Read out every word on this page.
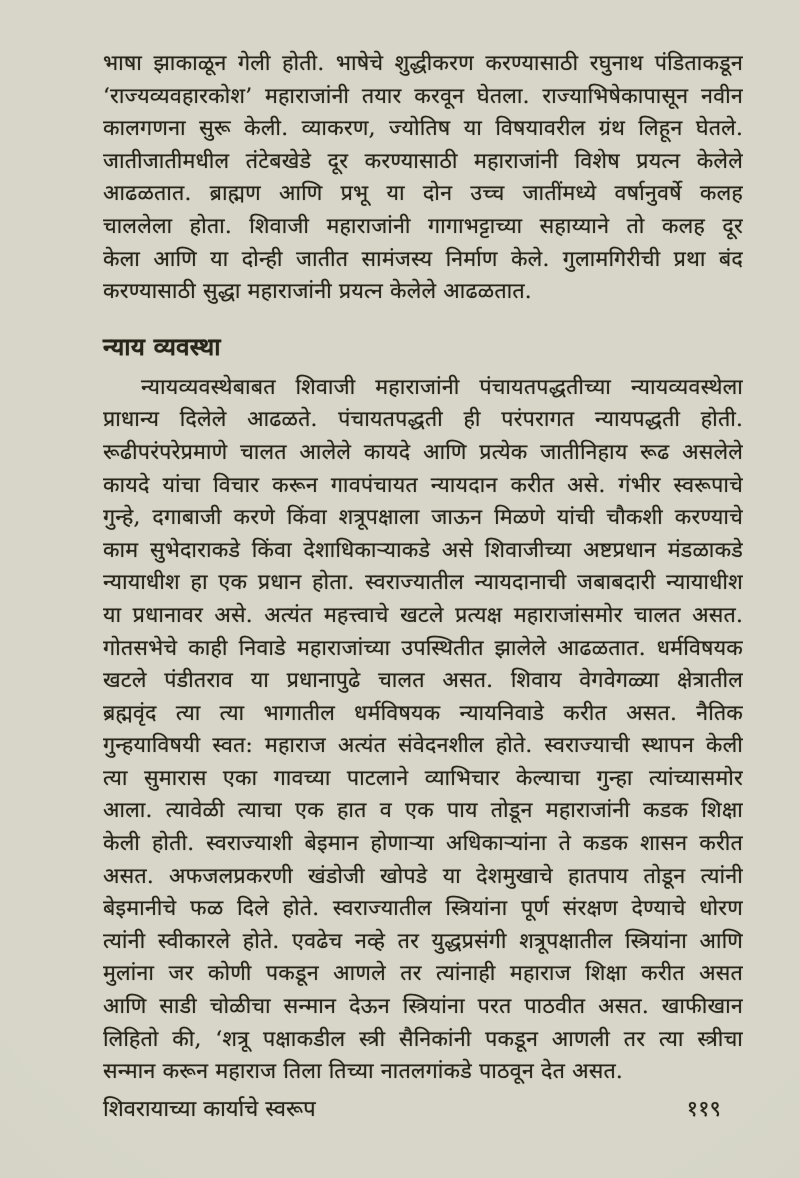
भाषा झाकाळून गेली होती. भाषेचे शुद्धीकरण करण्यासाठी रघुनाथ पंडिताकडून
‘राज्यव्यवहारकोश’ महाराजांनी तयार करवून घेतला. राज्याभिषेकापासून नवीन
कालगणना सुरू केली. व्याकरण, ज्योतिष या विषयावरील ग्रंथ लिहून घेतले.
जातीजातीमधील तंटेबखेडे दूर करण्यासाठी महाराजांनी विशेष प्रयत्न केलेले
आढळतात. ब्राह्मण आणि प्रभू या दोन उच्च जातींमध्ये वर्षानुवर्षे कलह
चाललेला होता. शिवाजी महाराजांनी गागाभट्टाच्या सहाय्याने तो कलह दूर
केला आणि या दोन्ही जातीत सामंजस्य निर्माण केले. गुलामगिरीची प्रथा बंद
करण्यासाठी सुद्धा महाराजांनी प्रयत्न केलेले आढळतात.
न्याय व्यवस्था
न्यायव्यवस्थेबाबत शिवाजी महाराजांनी पंचायतपद्धतीच्या न्यायव्यवस्थेला
प्राधान्य दिलेले आढळते. पंचायतपद्धती ही परंपरागत न्यायपद्धती होती.
रूढीपरंपरेप्रमाणे चालत आलेले कायदे आणि प्रत्येक जातीनिहाय रूढ असलेले
कायदे यांचा विचार करून गावपंचायत न्यायदान करीत असे. गंभीर स्वरूपाचे
गुन्हे, दगाबाजी करणे किंवा शत्रूपक्षाला जाऊन मिळणे यांची चौकशी करण्याचे
काम सुभेदाराकडे किंवा देशाधिकाऱ्याकडे असे शिवाजीच्या अष्टप्रधान मंडळाकडे
न्यायाधीश हा एक प्रधान होता. स्वराज्यातील न्यायदानाची जबाबदारी न्यायाधीश
या प्रधानावर असे. अत्यंत महत्त्वाचे खटले प्रत्यक्ष महाराजांसमोर चालत असत.
गोतसभेचे काही निवाडे महाराजांच्या उपस्थितीत झालेले आढळतात. धर्मविषयक
खटले पंडीतराव या प्रधानापुढे चालत असत. शिवाय वेगवेगळ्या क्षेत्रातील
ब्रह्मवृंद त्या त्या भागातील धर्मविषयक न्यायनिवाडे करीत असत. नैतिक
गुन्हयाविषयी स्वत: महाराज अत्यंत संवेदनशील होते. स्वराज्याची स्थापन केली
त्या सुमारास एका गावच्या पाटलाने व्याभिचार केल्याचा गुन्हा त्यांच्यासमोर
आला. त्यावेळी त्याचा एक हात व एक पाय तोडून महाराजांनी कडक शिक्षा
केली होती. स्वराज्याशी बेइमान होणाऱ्या अधिकाऱ्यांना ते कडक शासन करीत
असत. अफजलप्रकरणी खंडोजी खोपडे या देशमुखाचे हातपाय तोडून त्यांनी
बेइमानीचे फळ दिले होते. स्वराज्यातील स्त्रियांना पूर्ण संरक्षण देण्याचे धोरण
त्यांनी स्वीकारले होते. एवढेच नव्हे तर युद्धप्रसंगी शत्रूपक्षातील स्त्रियांना आणि
मुलांना जर कोणी पकडून आणले तर त्यांनाही महाराज शिक्षा करीत असत
आणि साडी चोळीचा सन्मान देऊन स्त्रियांना परत पाठवीत असत. खाफीखान
लिहितो की, ‘शत्रू पक्षाकडील स्त्री सैनिकांनी पकडून आणली तर त्या स्त्रीचा
सन्मान करून महाराज तिला तिच्या नातलगांकडे पाठवून देत असत.
शिवरायाच्या कार्याचे स्वरूप	११९
